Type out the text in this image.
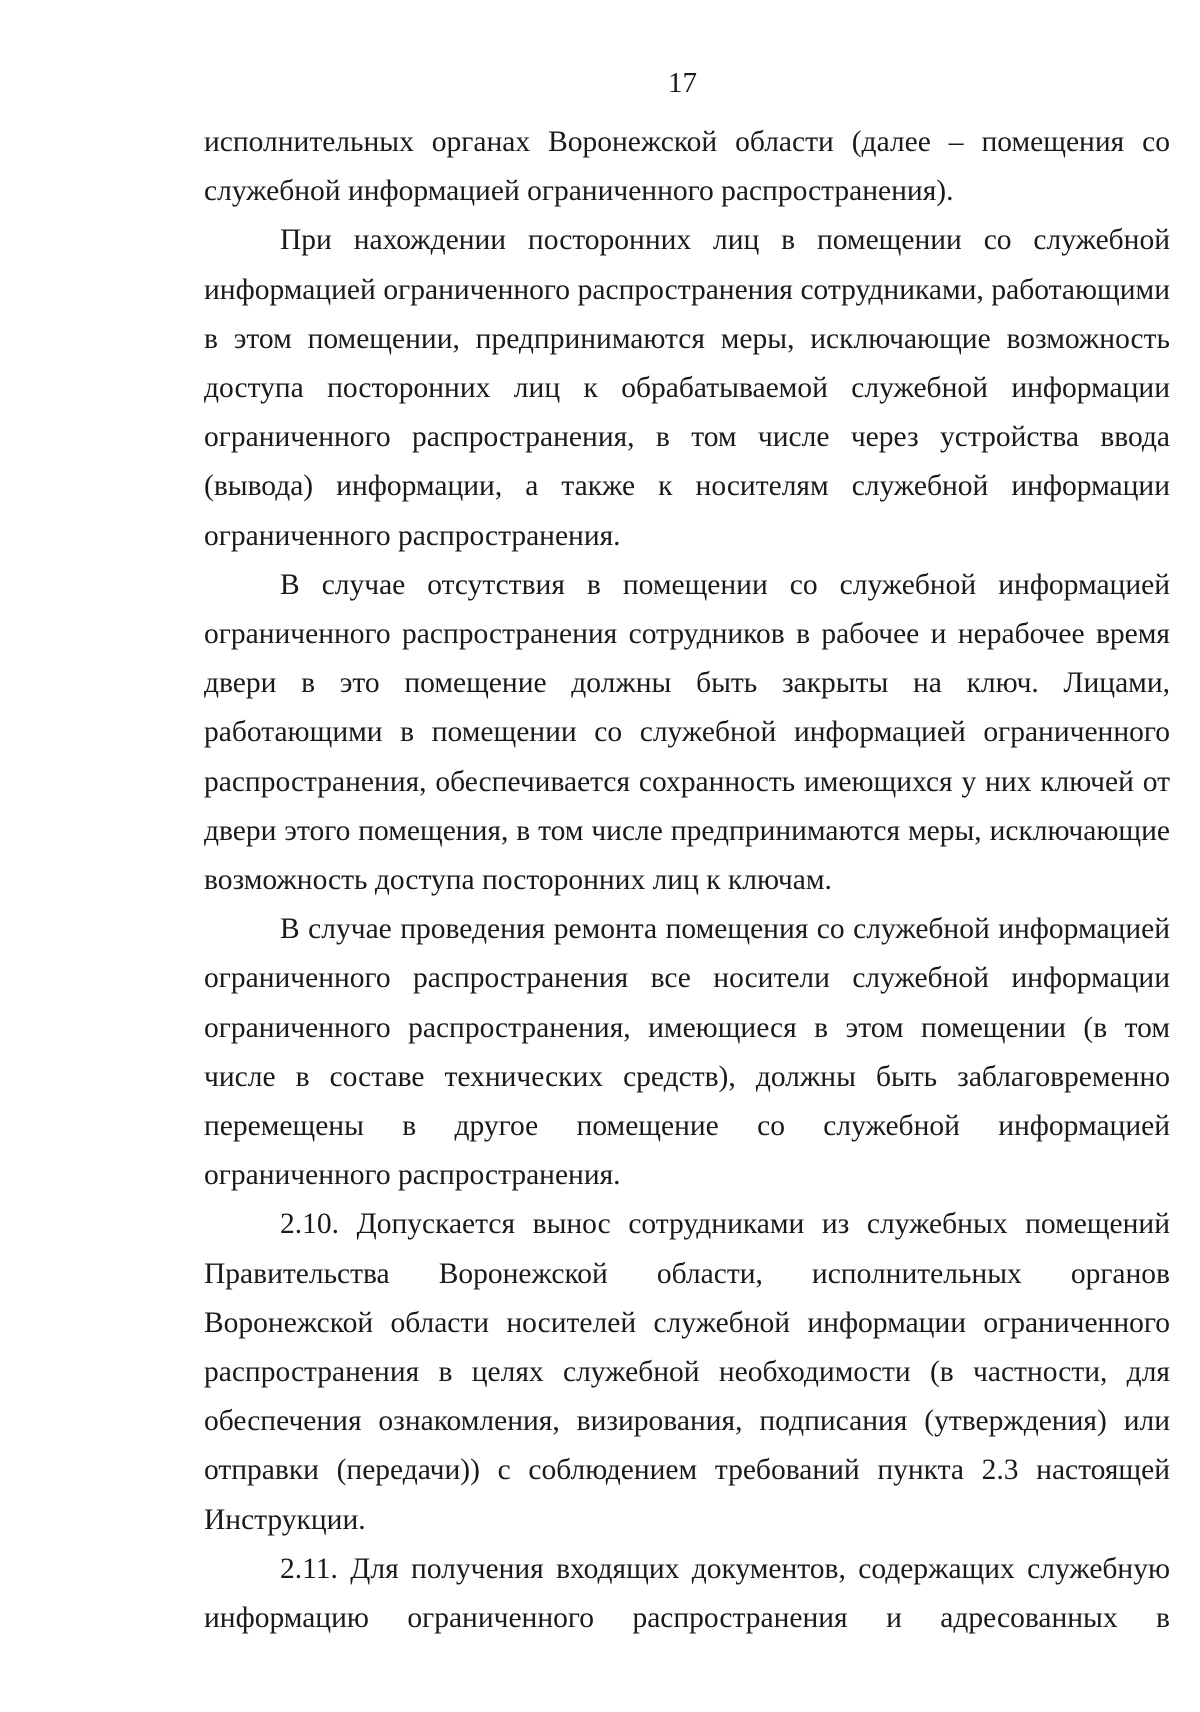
17

исполнительных органах Воронежской области (далее – помещения со служебной информацией ограниченного распространения).

При нахождении посторонних лиц в помещении со служебной информацией ограниченного распространения сотрудниками, работающими в этом помещении, предпринимаются меры, исключающие возможность доступа посторонних лиц к обрабатываемой служебной информации ограниченного распространения, в том числе через устройства ввода (вывода) информации, а также к носителям служебной информации ограниченного распространения.

В случае отсутствия в помещении со служебной информацией ограниченного распространения сотрудников в рабочее и нерабочее время двери в это помещение должны быть закрыты на ключ. Лицами, работающими в помещении со служебной информацией ограниченного распространения, обеспечивается сохранность имеющихся у них ключей от двери этого помещения, в том числе предпринимаются меры, исключающие возможность доступа посторонних лиц к ключам.

В случае проведения ремонта помещения со служебной информацией ограниченного распространения все носители служебной информации ограниченного распространения, имеющиеся в этом помещении (в том числе в составе технических средств), должны быть заблаговременно перемещены в другое помещение со служебной информацией ограниченного распространения.

2.10. Допускается вынос сотрудниками из служебных помещений Правительства Воронежской области, исполнительных органов Воронежской области носителей служебной информации ограниченного распространения в целях служебной необходимости (в частности, для обеспечения ознакомления, визирования, подписания (утверждения) или отправки (передачи)) с соблюдением требований пункта 2.3 настоящей Инструкции.

2.11. Для получения входящих документов, содержащих служебную информацию ограниченного распространения и адресованных в
